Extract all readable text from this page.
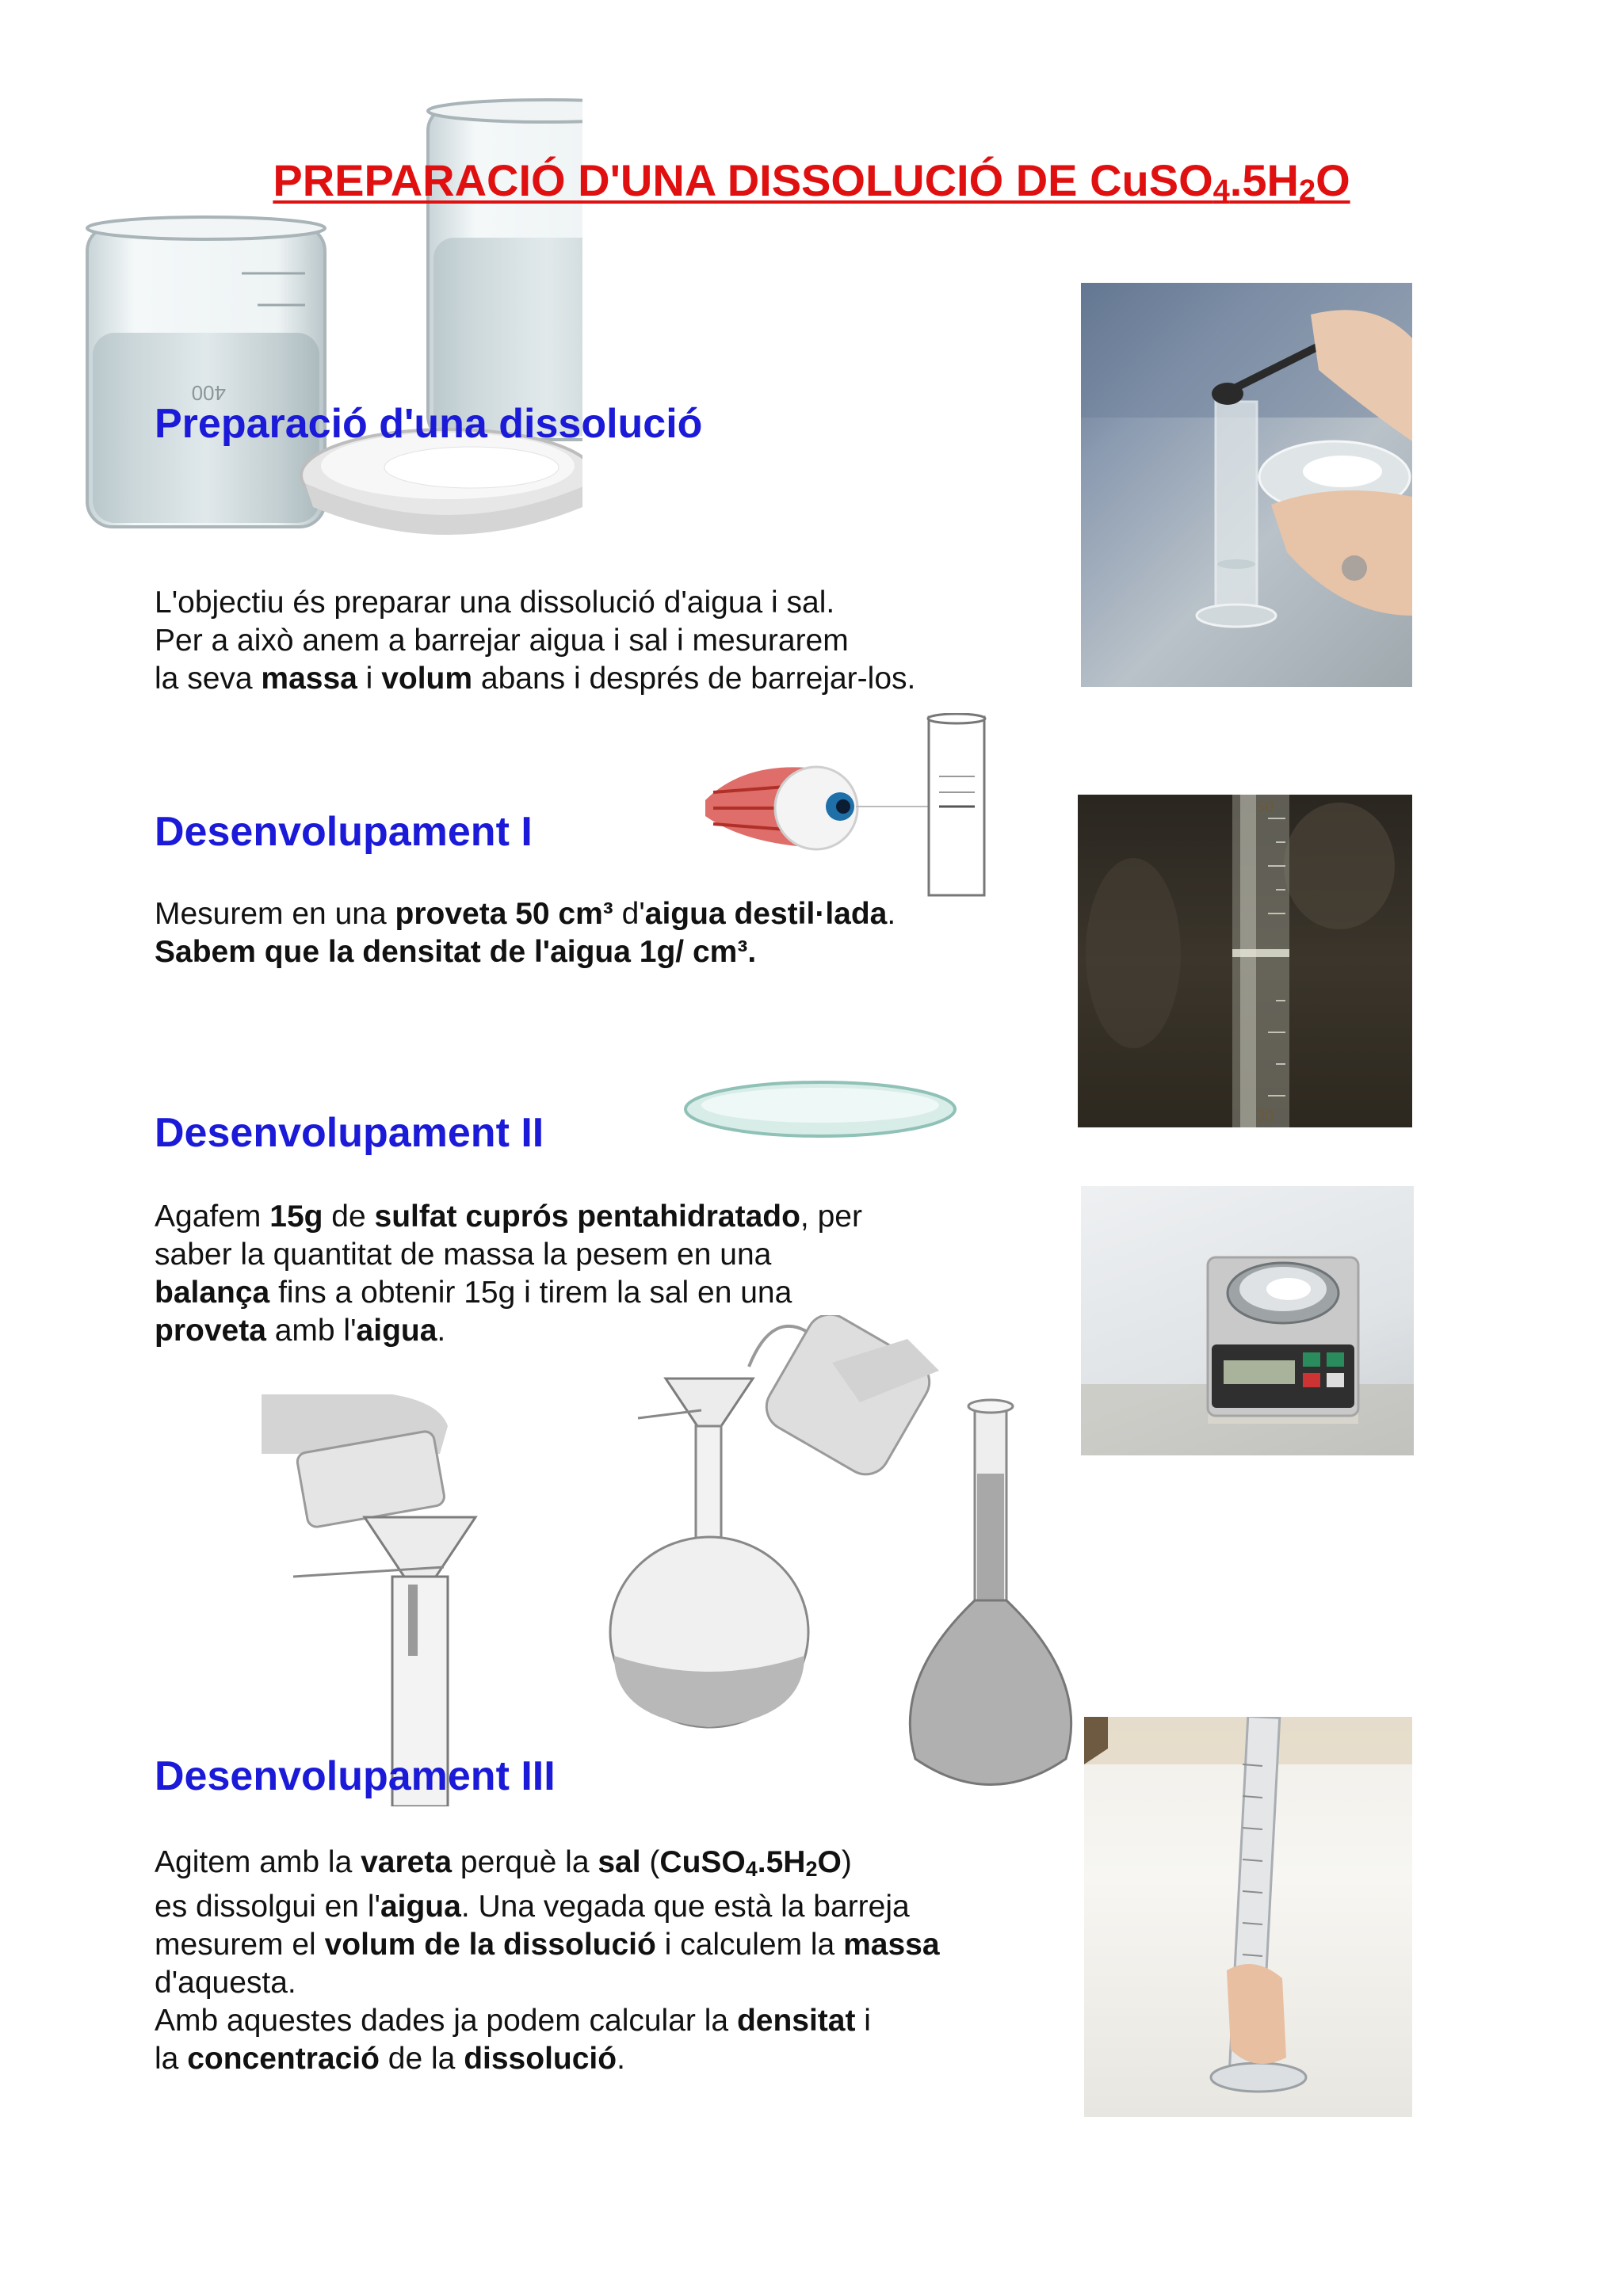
400
50
30
PREPARACIÓ D'UNA DISSOLUCIÓ DE $CuSO_4.5H_2O$
Preparació d'una dissolució
L'objectiu és preparar una dissolució d'aigua i sal.
Per a això anem a barrejar aigua i sal i mesurarem
la seva massa i volum abans i després de barrejar-los.
Desenvolupament I
Mesurem en una proveta 50 cm³ d'aigua destil·lada.
Sabem que la densitat de l'aigua 1g/ cm³.
Desenvolupament II
Agafem 15g de sulfat cuprós pentahidratado, per
saber la quantitat de massa la pesem en una
balança fins a obtenir 15g i tirem la sal en una
proveta amb l'aigua.
Desenvolupament III
Agitem amb la vareta perquè la sal $(CuSO_4.5H_2O)$
es dissolgui en l'aigua. Una vegada que està la barreja
mesurem el volum de la dissolució i calculem la massa
d'aquesta.
Amb aquestes dades ja podem calcular la densitat i
la concentració de la dissolució.
